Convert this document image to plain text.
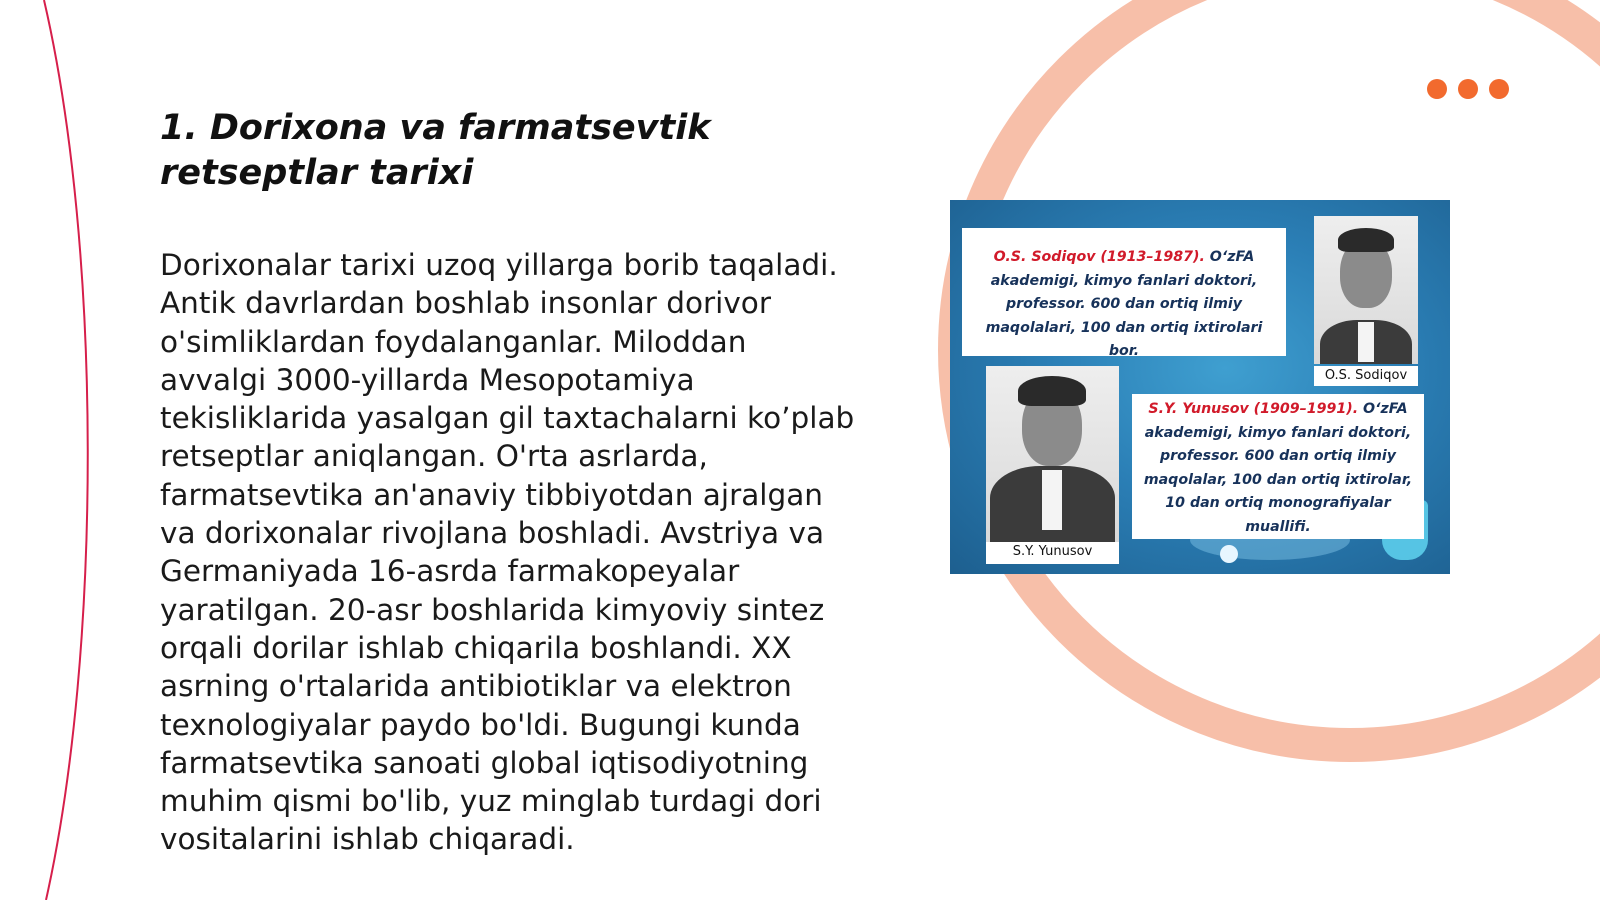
1. Dorixona va farmatsevtik retseptlar tarixi

Dorixonalar tarixi uzoq yillarga borib taqaladi. Antik davrlardan boshlab insonlar dorivor o'simliklardan foydalanganlar. Miloddan avvalgi 3000-yillarda Mesopotamiya tekisliklarida yasalgan gil taxtachalarni ko’plab retseptlar aniqlangan. O'rta asrlarda, farmatsevtika an'anaviy tibbiyotdan ajralgan va dorixonalar rivojlana boshladi. Avstriya va Germaniyada 16-asrda farmakopeyalar yaratilgan. 20-asr boshlarida kimyoviy sintez orqali dorilar ishlab chiqarila boshlandi. XX asrning o'rtalarida antibiotiklar va elektron texnologiyalar paydo bo'ldi. Bugungi kunda farmatsevtika sanoati global iqtisodiyotning muhim qismi bo'lib, yuz minglab turdagi dori vositalarini ishlab chiqaradi.

O.S. Sodiqov (1913–1987). O‘zFA akademigi, kimyo fanlari doktori, professor. 600 dan ortiq ilmiy maqolalari, 100 dan ortiq ixtirolari bor.
O.S. Sodiqov
S.Y. Yunusov
S.Y. Yunusov (1909–1991). O‘zFA akademigi, kimyo fanlari doktori, professor. 600 dan ortiq ilmiy maqolalar, 100 dan ortiq ixtirolar, 10 dan ortiq monografiyalar muallifi.
